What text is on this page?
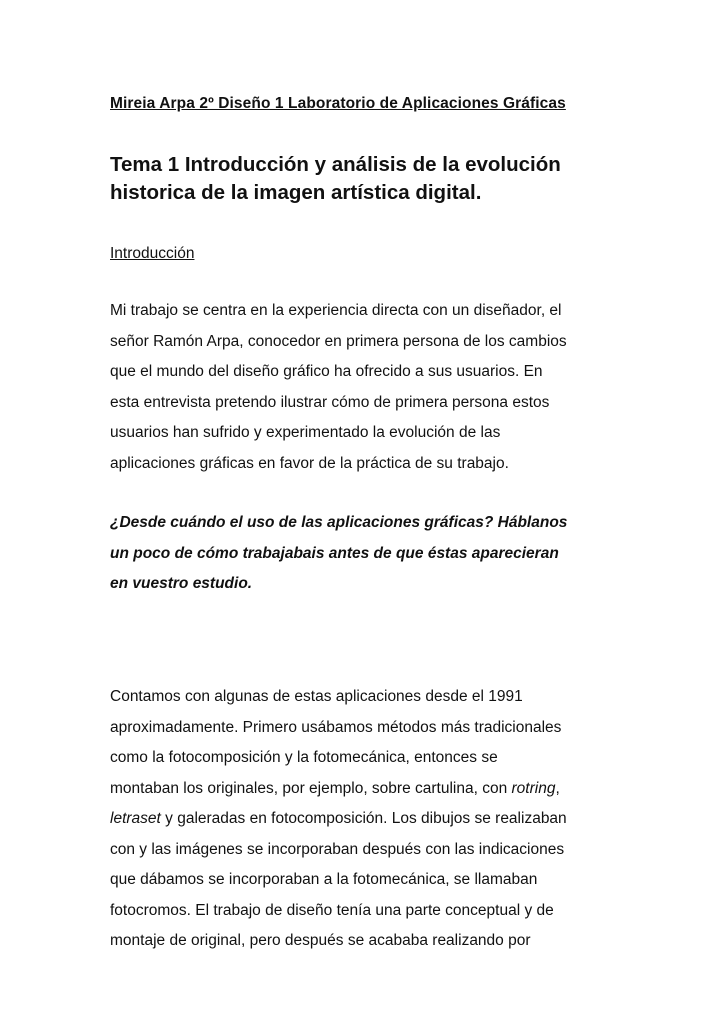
Mireia Arpa 2º Diseño 1 Laboratorio de Aplicaciones Gráficas
Tema 1 Introducción y análisis de la evolución
historica de la imagen artística digital.
Introducción

Mi trabajo se centra en la experiencia directa con un diseñador, el
señor Ramón Arpa, conocedor en primera persona de los cambios
que el mundo del diseño gráfico ha ofrecido a sus usuarios. En
esta entrevista pretendo ilustrar cómo de primera persona estos
usuarios han sufrido y experimentado la evolución de las
aplicaciones gráficas en favor de la práctica de su trabajo.

¿Desde cuándo el uso de las aplicaciones gráficas? Háblanos
un poco de cómo trabajabais antes de que éstas aparecieran
en vuestro estudio.

Contamos con algunas de estas aplicaciones desde el 1991
aproximadamente. Primero usábamos métodos más tradicionales
como la fotocomposición y la fotomecánica, entonces se
montaban los originales, por ejemplo, sobre cartulina, con rotring,
letraset y galeradas en fotocomposición. Los dibujos se realizaban
con y las imágenes se incorporaban después con las indicaciones
que dábamos se incorporaban a la fotomecánica, se llamaban
fotocromos. El trabajo de diseño tenía una parte conceptual y de
montaje de original, pero después se acababa realizando por
